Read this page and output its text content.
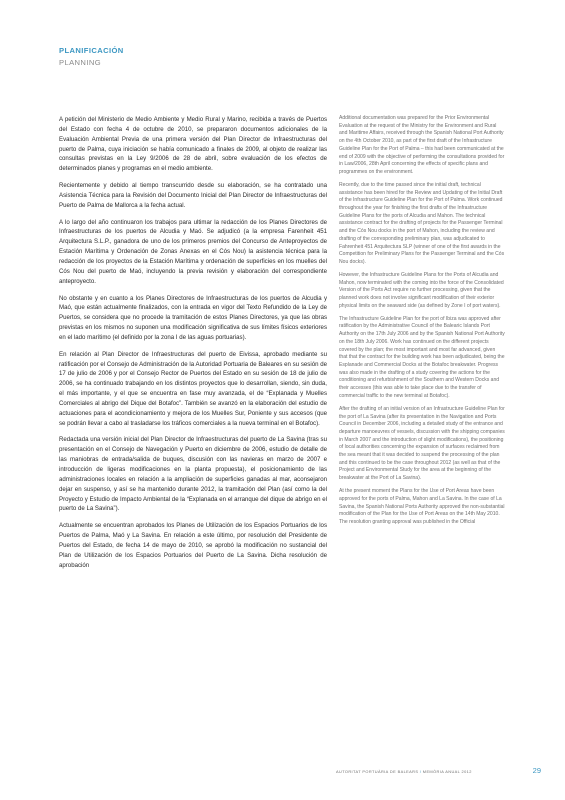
PLANIFICACIÓN
PLANNING

A petición del Ministerio de Medio Ambiente y Medio Rural y Marino, recibida a través de Puertos del Estado con fecha 4 de octubre de 2010, se prepararon documentos adicionales de la Evaluación Ambiental Previa de una primera versión del Plan Director de Infraestructuras del puerto de Palma, cuya iniciación se había comunicado a finales de 2009, al objeto de realizar las consultas previstas en la Ley 9/2006 de 28 de abril, sobre evaluación de los efectos de determinados planes y programas en el medio ambiente.

Recientemente y debido al tiempo transcurrido desde su elaboración, se ha contratado una Asistencia Técnica para la Revisión del Documento Inicial del Plan Director de Infraestructuras del Puerto de Palma de Mallorca a la fecha actual.

A lo largo del año continuaron los trabajos para ultimar la redacción de los Planes Directores de Infraestructuras de los puertos de Alcudia y Maó. Se adjudicó (a la empresa Farenheit 451 Arquitectura S.L.P., ganadora de uno de los primeros premios del Concurso de Anteproyectos de Estación Marítima y Ordenación de Zonas Anexas en el Cós Nou) la asistencia técnica para la redacción de los proyectos de la Estación Marítima y ordenación de superficies en los muelles del Cós Nou del puerto de Maó, incluyendo la previa revisión y elaboración del correspondiente anteproyecto.

No obstante y en cuanto a los Planes Directores de Infraestructuras de los puertos de Alcudia y Maó, que están actualmente finalizados, con la entrada en vigor del Texto Refundido de la Ley de Puertos, se considera que no procede la tramitación de estos Planes Directores, ya que las obras previstas en los mismos no suponen una modificación significativa de sus límites físicos exteriores en el lado marítimo (el definido por la zona I de las aguas portuarias).

En relación al Plan Director de Infraestructuras del puerto de Eivissa, aprobado mediante su ratificación por el Consejo de Administración de la Autoridad Portuaria de Baleares en su sesión de 17 de julio de 2006 y por el Consejo Rector de Puertos del Estado en su sesión de 18 de julio de 2006, se ha continuado trabajando en los distintos proyectos que lo desarrollan, siendo, sin duda, el más importante, y el que se encuentra en fase muy avanzada, el de “Explanada y Muelles Comerciales al abrigo del Dique del Botafoc”. También se avanzó en la elaboración del estudio de actuaciones para el acondicionamiento y mejora de los Muelles Sur, Poniente y sus accesos (que se podrán llevar a cabo al trasladarse los tráficos comerciales a la nueva terminal en el Botafoc).

Redactada una versión inicial del Plan Director de Infraestructuras del puerto de La Savina (tras su presentación en el Consejo de Navegación y Puerto en diciembre de 2006, estudio de detalle de las maniobras de entrada/salida de buques, discusión con las navieras en marzo de 2007 e introducción de ligeras modificaciones en la planta propuesta), el posicionamiento de las administraciones locales en relación a la ampliación de superficies ganadas al mar, aconsejaron dejar en suspenso, y así se ha mantenido durante 2012, la tramitación del Plan (así como la del Proyecto y Estudio de Impacto Ambiental de la “Explanada en el arranque del dique de abrigo en el puerto de La Savina”).

Actualmente se encuentran aprobados los Planes de Utilización de los Espacios Portuarios de los Puertos de Palma, Maó y La Savina. En relación a este último, por resolución del Presidente de Puertos del Estado, de fecha 14 de mayo de 2010, se aprobó la modificación no sustancial del Plan de Utilización de los Espacios Portuarios del Puerto de La Savina. Dicha resolución de aprobación

Additional documentation was prepared for the Prior Environmental Evaluation at the request of the Ministry for the Environment and Rural and Maritime Affairs, received through the Spanish National Port Authority on the 4th October 2010, as part of the first draft of the Infrastructure Guideline Plan for the Port of Palma – this had been communicated at the end of 2009 with the objective of performing the consultations provided for in Law/2006, 28th April concerning the effects of specific plans and programmes on the environment.

Recently, due to the time passed since the initial draft, technical assistance has been hired for the Review and Updating of the Initial Draft of the Infrastructure Guideline Plan for the Port of Palma. Work continued throughout the year for finishing the first drafts of the Infrastructure Guideline Plans for the ports of Alcudia and Mahon. The technical assistance contract for the drafting of projects for the Passenger Terminal and the Cós Nou docks in the port of Mahon, including the review and drafting of the corresponding preliminary plan, was adjudicated to Fahrenheit 451 Arquitectura SLP (winner of one of the first awards in the Competition for Preliminary Plans for the Passenger Terminal and the Cós Nou docks).

However, the Infrastructure Guideline Plans for the Ports of Alcudia and Mahon, now terminated with the coming into the force of the Consolidated Version of the Ports Act require no further processing, given that the planned work does not involve significant modification of their exterior physical limits on the seaward side (as defined by Zone I of port waters).

The Infrastructure Guideline Plan for the port of Ibiza was approved after ratification by the Administrative Council of the Balearic Islands Port Authority on the 17th July 2006 and by the Spanish National Port Authority on the 18th July 2006. Work has continued on the different projects covered by the plan; the most important and most far advanced, given that that the contract for the building work has been adjudicated, being the Esplanade and Commercial Docks at the Botafoc breakwater. Progress was also made in the drafting of a study covering the actions for the conditioning and refurbishment of the Southern and Western Docks and their accesses (this was able to take place due to the transfer of commercial traffic to the new terminal at Botafoc).

After the drafting of an initial version of an Infrastructure Guideline Plan for the port of La Savina (after its presentation in the Navigation and Ports Council in December 2006, including a detailed study of the entrance and departure manoeuvres of vessels, discussion with the shipping companies in March 2007 and the introduction of slight modifications), the positioning of local authorities concerning the expansion of surfaces reclaimed from the sea meant that it was decided to suspend the processing of the plan and this continued to be the case throughout 2012 (as well as that of the Project and Environmental Study for the area at the beginning of the breakwater at the Port of La Savina).

At the present moment the Plans for the Use of Port Areas have been approved for the ports of Palma, Mahon and La Savina. In the case of La Savina, the Spanish National Ports Authority approved the non-substantial modification of the Plan for the Use of Port Areas on the 14th May 2010. The resolution granting approval was published in the Official

AUTORITAT PORTUÀRIA DE BALEARS / MEMÒRIA ANUAL 2012	29
